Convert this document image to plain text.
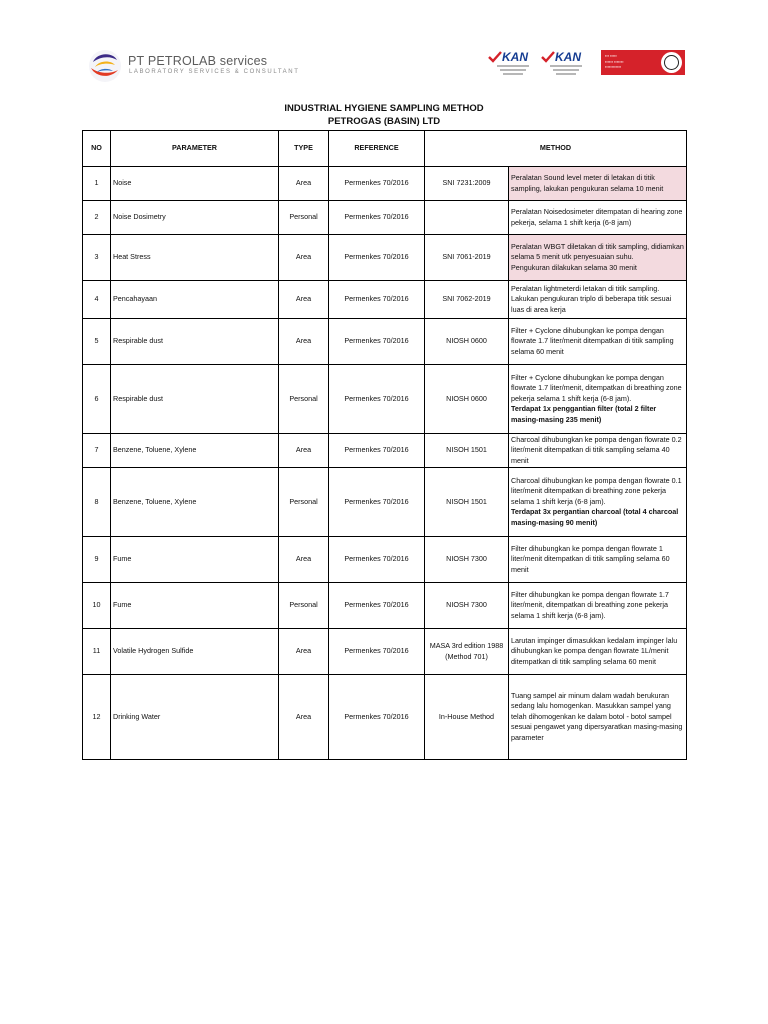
PT PETROLAB services
LABORATORY SERVICES & CONSULTANT
KAN KAN	▪▪▪ ▪▪▪▪▪
▪▪▪▪▪▪ ▪▪▪▪▪▪▪
▪▪▪▪▪▪▪▪▪▪▪▪
INDUSTRIAL HYGIENE SAMPLING METHOD
PETROGAS (BASIN) LTD
NO	PARAMETER	TYPE	REFERENCE	METHOD	
1	Noise	Area	Permenkes 70/2016	SNI 7231:2009	Peralatan Sound level meter di letakan di titik sampling, lakukan pengukuran selama 10 menit
2	Noise Dosimetry	Personal	Permenkes 70/2016		Peralatan Noisedosimeter ditempatan di hearing zone pekerja, selama 1 shift kerja (6-8 jam)
3	Heat Stress	Area	Permenkes 70/2016	SNI 7061-2019	Peralatan WBGT diletakan di titik sampling, didiamkan selama 5 menit utk penyesuaian suhu.
Pengukuran dilakukan selama 30 menit

4	Pencahayaan	Area	Permenkes 70/2016	SNI 7062-2019	Peralatan lightmeterdi letakan di titik sampling. Lakukan pengukuran triplo di beberapa titik sesuai luas di area kerja
5	Respirable dust	Area	Permenkes 70/2016	NIOSH 0600	Filter + Cyclone dihubungkan ke pompa dengan flowrate 1.7 liter/menit ditempatkan di titik sampling selama 60 menit
6	Respirable dust	Personal	Permenkes 70/2016	NIOSH 0600	Filter + Cyclone dihubungkan ke pompa dengan flowrate 1.7 liter/menit, ditempatkan di breathing zone pekerja selama 1 shift kerja (6-8 jam).
Terdapat 1x penggantian filter (total 2 filter masing-masing 235 menit)

7	Benzene, Toluene, Xylene	Area	Permenkes 70/2016	NISOH 1501	Charcoal dihubungkan ke pompa dengan flowrate 0.2 liter/menit ditempatkan di titik sampling selama 40 menit
8	Benzene, Toluene, Xylene	Personal	Permenkes 70/2016	NISOH 1501	Charcoal dihubungkan ke pompa dengan flowrate 0.1 liter/menit ditempatkan di breathing zone pekerja selama 1 shift kerja (6-8 jam).
Terdapat 3x pergantian charcoal (total 4 charcoal masing-masing 90 menit)

9	Fume	Area	Permenkes 70/2016	NIOSH 7300	Filter dihubungkan ke pompa dengan flowrate 1 liter/menit ditempatkan di titik sampling selama 60 menit
10	Fume	Personal	Permenkes 70/2016	NIOSH 7300	Filter dihubungkan ke pompa dengan flowrate 1.7 liter/menit, ditempatkan di breathing zone pekerja selama 1 shift kerja (6-8 jam).
11	Volatile Hydrogen Sulfide	Area	Permenkes 70/2016	MASA 3rd edition 1988 (Method 701)	Larutan impinger dimasukkan kedalam impinger lalu dihubungkan ke pompa dengan flowrate 1L/menit ditempatkan di titik sampling selama 60 menit
12	Drinking Water	Area	Permenkes 70/2016	In-House Method	Tuang sampel air minum dalam wadah berukuran sedang lalu homogenkan. Masukkan sampel yang telah dihomogenkan ke dalam botol - botol sampel sesuai pengawet yang dipersyaratkan masing-masing parameter
